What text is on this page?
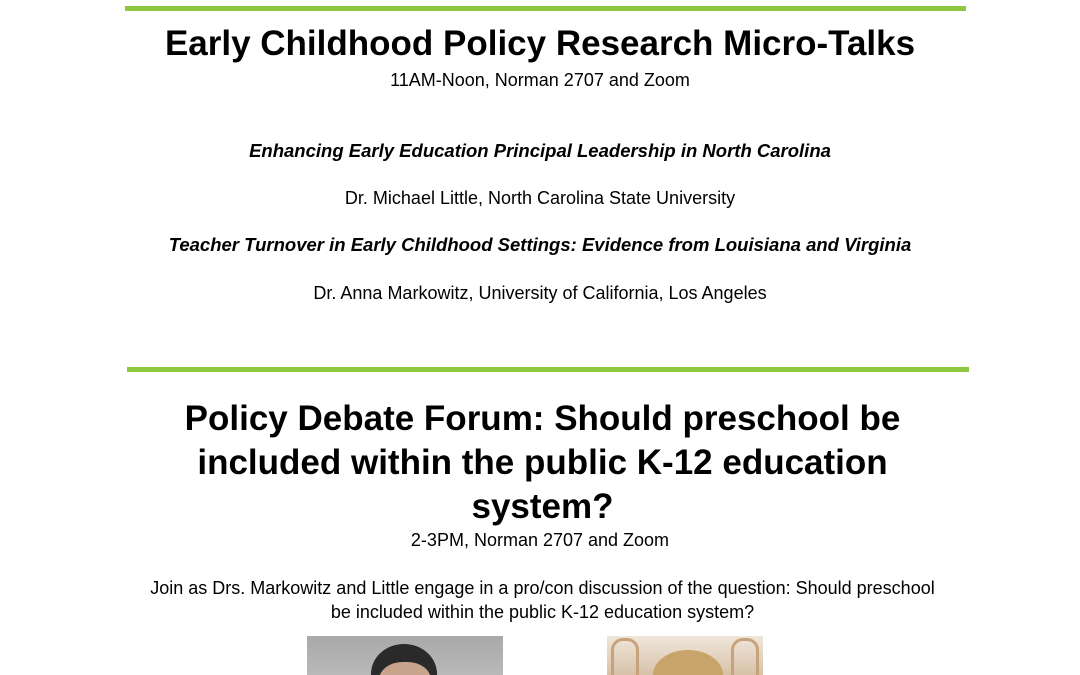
Early Childhood Policy Research Micro-Talks
11AM-Noon, Norman 2707 and Zoom
Enhancing Early Education Principal Leadership in North Carolina
Dr. Michael Little, North Carolina State University
Teacher Turnover in Early Childhood Settings: Evidence from Louisiana and Virginia
Dr. Anna Markowitz, University of California, Los Angeles
Policy Debate Forum: Should preschool be included within the public K-12 education system?
2-3PM, Norman 2707 and Zoom
Join as Drs. Markowitz and Little engage in a pro/con discussion of the question: Should preschool be included within the public K-12 education system?
